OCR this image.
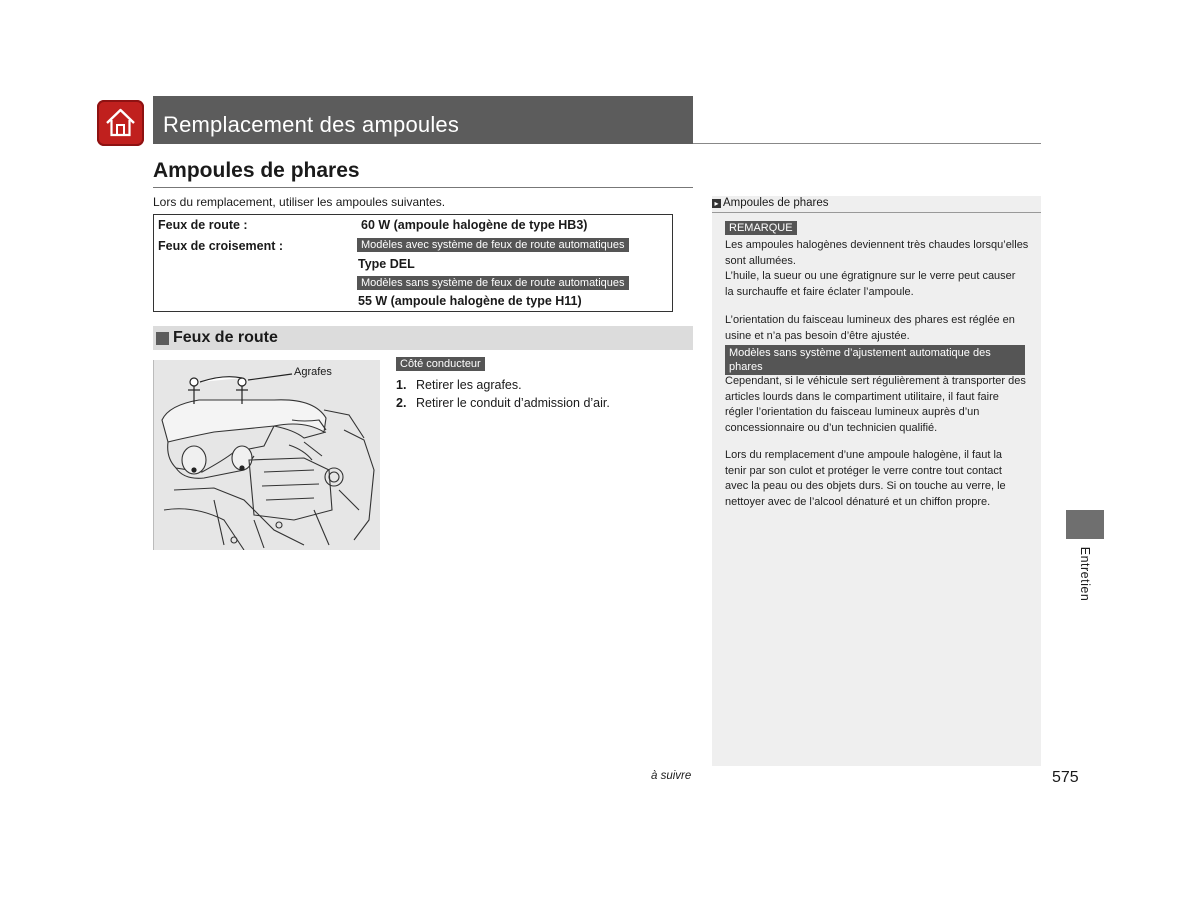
Remplacement des ampoules
Ampoules de phares
Lors du remplacement, utiliser les ampoules suivantes.
Feux de route :	60 W (ampoule halogène de type HB3)
Feux de croisement :	Modèles avec système de feux de route automatiques
Type DEL
Modèles sans système de feux de route automatiques
55 W (ampoule halogène de type H11)
Feux de route
Agrafes
Côté conducteur
1. Retirer les agrafes.
2. Retirer le conduit d’admission d’air.
▸ Ampoules de phares
REMARQUE
Les ampoules halogènes deviennent très chaudes lorsqu’elles
sont allumées.
L’huile, la sueur ou une égratignure sur le verre peut causer
la surchauffe et faire éclater l’ampoule.
L’orientation du faisceau lumineux des phares est réglée en
usine et n’a pas besoin d’être ajustée.
Modèles sans système d’ajustement automatique des phares
Cependant, si le véhicule sert régulièrement à transporter des
articles lourds dans le compartiment utilitaire, il faut faire
régler l’orientation du faisceau lumineux auprès d’un
concessionnaire ou d’un technicien qualifié.
Lors du remplacement d’une ampoule halogène, il faut la
tenir par son culot et protéger le verre contre tout contact
avec la peau ou des objets durs. Si on touche au verre, le
nettoyer avec de l’alcool dénaturé et un chiffon propre.
Entretien
à suivre	575
